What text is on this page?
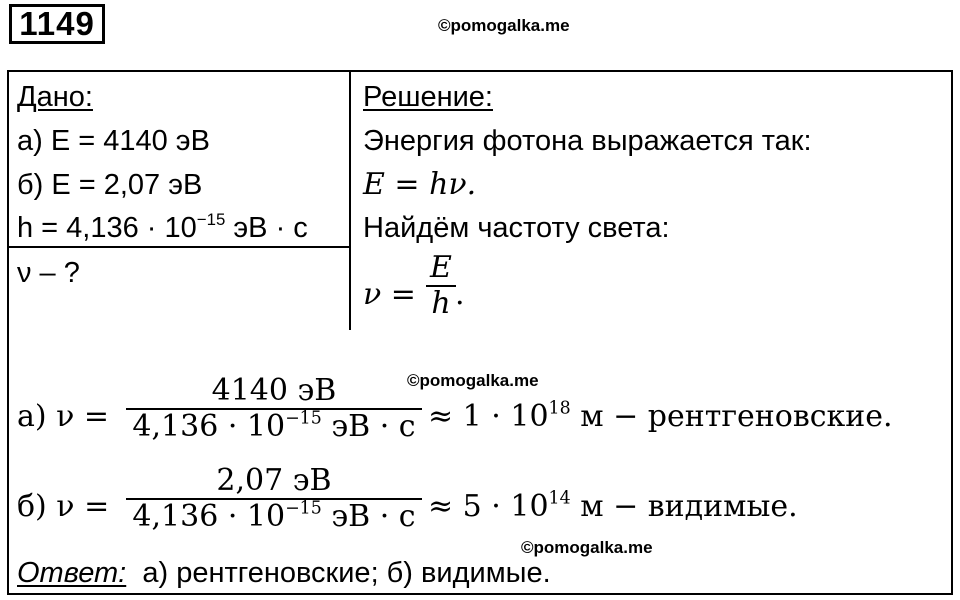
1149	©pomogalka.me
Дано:
а) E = 4140 эВ
б) E = 2,07 эВ
$h = 4,136 \cdot 10^{-15}$ эВ · с
ν – ?
Решение:
Энергия фотона выражается так:
E = hν.
Найдём частоту света:
ν =
E
h .
©pomogalka.me
а) ν =
4140 эВ
$4,136 \cdot 10^{-15}$ эВ · $с \approx 1 \cdot 10^{18}$ м − рентгеновские.
б) ν =
2,07 эВ
$4,136 \cdot 10^{-15}$ эВ · $с \approx 5 \cdot 10^{14}$ м − видимые.
©pomogalka.me
Ответ: а) рентгеновские; б) видимые.
